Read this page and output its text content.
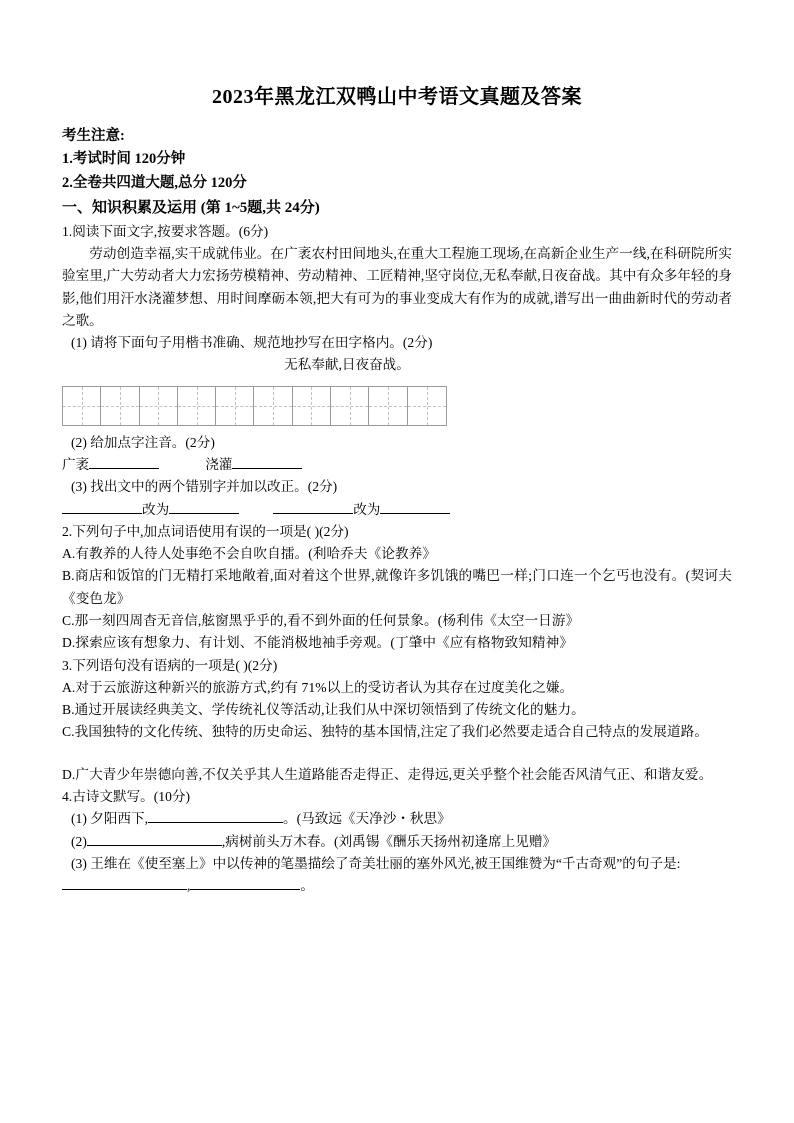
2023年黑龙江双鸭山中考语文真题及答案

考生注意:

1.考试时间 120分钟

2.全卷共四道大题,总分 120分

一、知识积累及运用 (第 1~5题,共 24分)

1.阅读下面文字,按要求答题。(6分)

劳动创造幸福,实干成就伟业。在广袤农村田间地头,在重大工程施工现场,在高新企业生产一线,在科研院所实验室里,广大劳动者大力宏扬劳模精神、劳动精神、工匠精神,坚守岗位,无私奉献,日夜奋战。其中有众多年轻的身影,他们用汗水浇灌梦想、用时间摩砺本领,把大有可为的事业变成大有作为的成就,谱写出一曲曲新时代的劳动者之歌。

(1) 请将下面句子用楷书准确、规范地抄写在田字格内。(2分)

无私奉献,日夜奋战。

(2) 给加点字注音。(2分)

广袤	浇灌

(3) 找出文中的两个错别字并加以改正。(2分)

改为	改为

2.下列句子中,加点词语使用有误的一项是( )(2分)

A.有教养的人待人处事绝不会自吹自擂。(利哈乔夫《论教养》

B.商店和饭馆的门无精打采地敞着,面对着这个世界,就像许多饥饿的嘴巴一样;门口连一个乞丐也没有。(契诃夫《变色龙》

C.那一刻四周杳无音信,舷窗黑乎乎的,看不到外面的任何景象。(杨利伟《太空一日游》

D.探索应该有想象力、有计划、不能消极地袖手旁观。(丁肇中《应有格物致知精神》

3.下列语句没有语病的一项是( )(2分)

A.对于云旅游这种新兴的旅游方式,约有 71%以上的受访者认为其存在过度美化之嫌。

B.通过开展读经典美文、学传统礼仪等活动,让我们从中深切领悟到了传统文化的魅力。

C.我国独特的文化传统、独特的历史命运、独特的基本国情,注定了我们必然要走适合自己特点的发展道路。

D.广大青少年崇德向善,不仅关乎其人生道路能否走得正、走得远,更关乎整个社会能否风清气正、和谐友爱。

4.古诗文默写。(10分)

(1) 夕阳西下,	。(马致远《天净沙・秋思》

(2)	,病树前头万木春。(刘禹锡《酬乐天扬州初逢席上见赠》

(3) 王维在《使至塞上》中以传神的笔墨描绘了奇美壮丽的塞外风光,被王国维赞为“千古奇观”的句子是:

,	。
